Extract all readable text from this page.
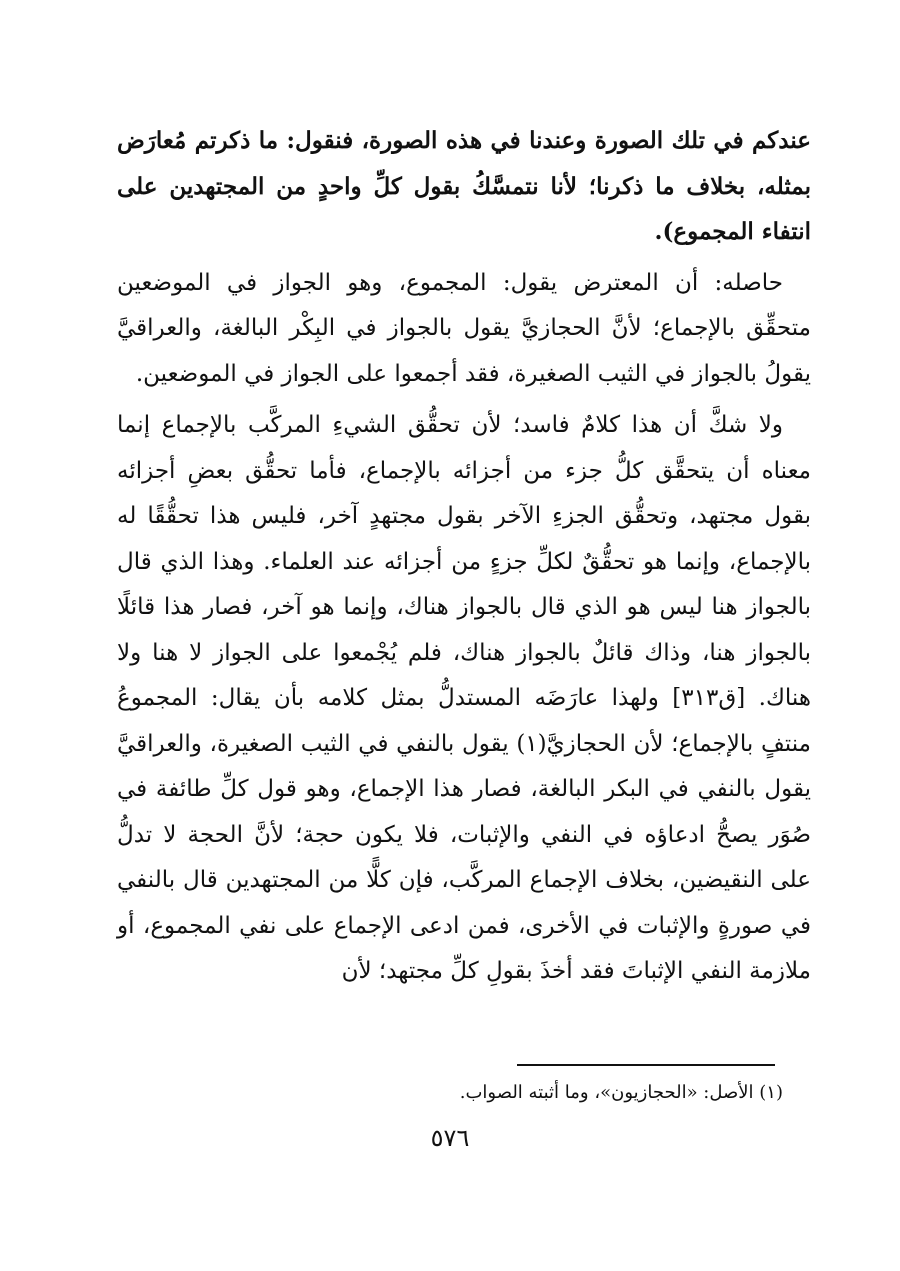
عندكم في تلك الصورة وعندنا في هذه الصورة، فنقول: ما ذكرتم مُعارَض بمثله، بخلاف ما ذكرنا؛ لأنا نتمسَّكُ بقول كلِّ واحدٍ من المجتهدين على انتفاء المجموع).

حاصله: أن المعترض يقول: المجموع، وهو الجواز في الموضعين متحقِّق بالإجماع؛ لأنَّ الحجازيَّ يقول بالجواز في البِكْر البالغة، والعراقيَّ يقولُ بالجواز في الثيب الصغيرة، فقد أجمعوا على الجواز في الموضعين.

ولا شكَّ أن هذا كلامٌ فاسد؛ لأن تحقُّق الشيءِ المركَّب بالإجماع إنما معناه أن يتحقَّق كلُّ جزء من أجزائه بالإجماع، فأما تحقُّق بعضِ أجزائه بقول مجتهد، وتحقُّق الجزءِ الآخر بقول مجتهدٍ آخر، فليس هذا تحقُّقًا له بالإجماع، وإنما هو تحقُّقٌ لكلِّ جزءٍ من أجزائه عند العلماء. وهذا الذي قال بالجواز هنا ليس هو الذي قال بالجواز هناك، وإنما هو آخر، فصار هذا قائلًا بالجواز هنا، وذاك قائلٌ بالجواز هناك، فلم يُجْمعوا على الجواز لا هنا ولا هناك. [ق٣١٣] ولهذا عارَضَه المستدلُّ بمثل كلامه بأن يقال: المجموعُ منتفٍ بالإجماع؛ لأن الحجازيَّ(١) يقول بالنفي في الثيب الصغيرة، والعراقيَّ يقول بالنفي في البكر البالغة، فصار هذا الإجماع، وهو قول كلِّ طائفة في صُوَر يصحُّ ادعاؤه في النفي والإثبات، فلا يكون حجة؛ لأنَّ الحجة لا تدلُّ على النقيضين، بخلاف الإجماع المركَّب، فإن كلًّا من المجتهدين قال بالنفي في صورةٍ والإثبات في الأخرى، فمن ادعى الإجماع على نفي المجموع، أو ملازمة النفي الإثباتَ فقد أخذَ بقولِ كلِّ مجتهد؛ لأن

(١) الأصل: «الحجازيون»، وما أثبته الصواب.
٥٧٦
